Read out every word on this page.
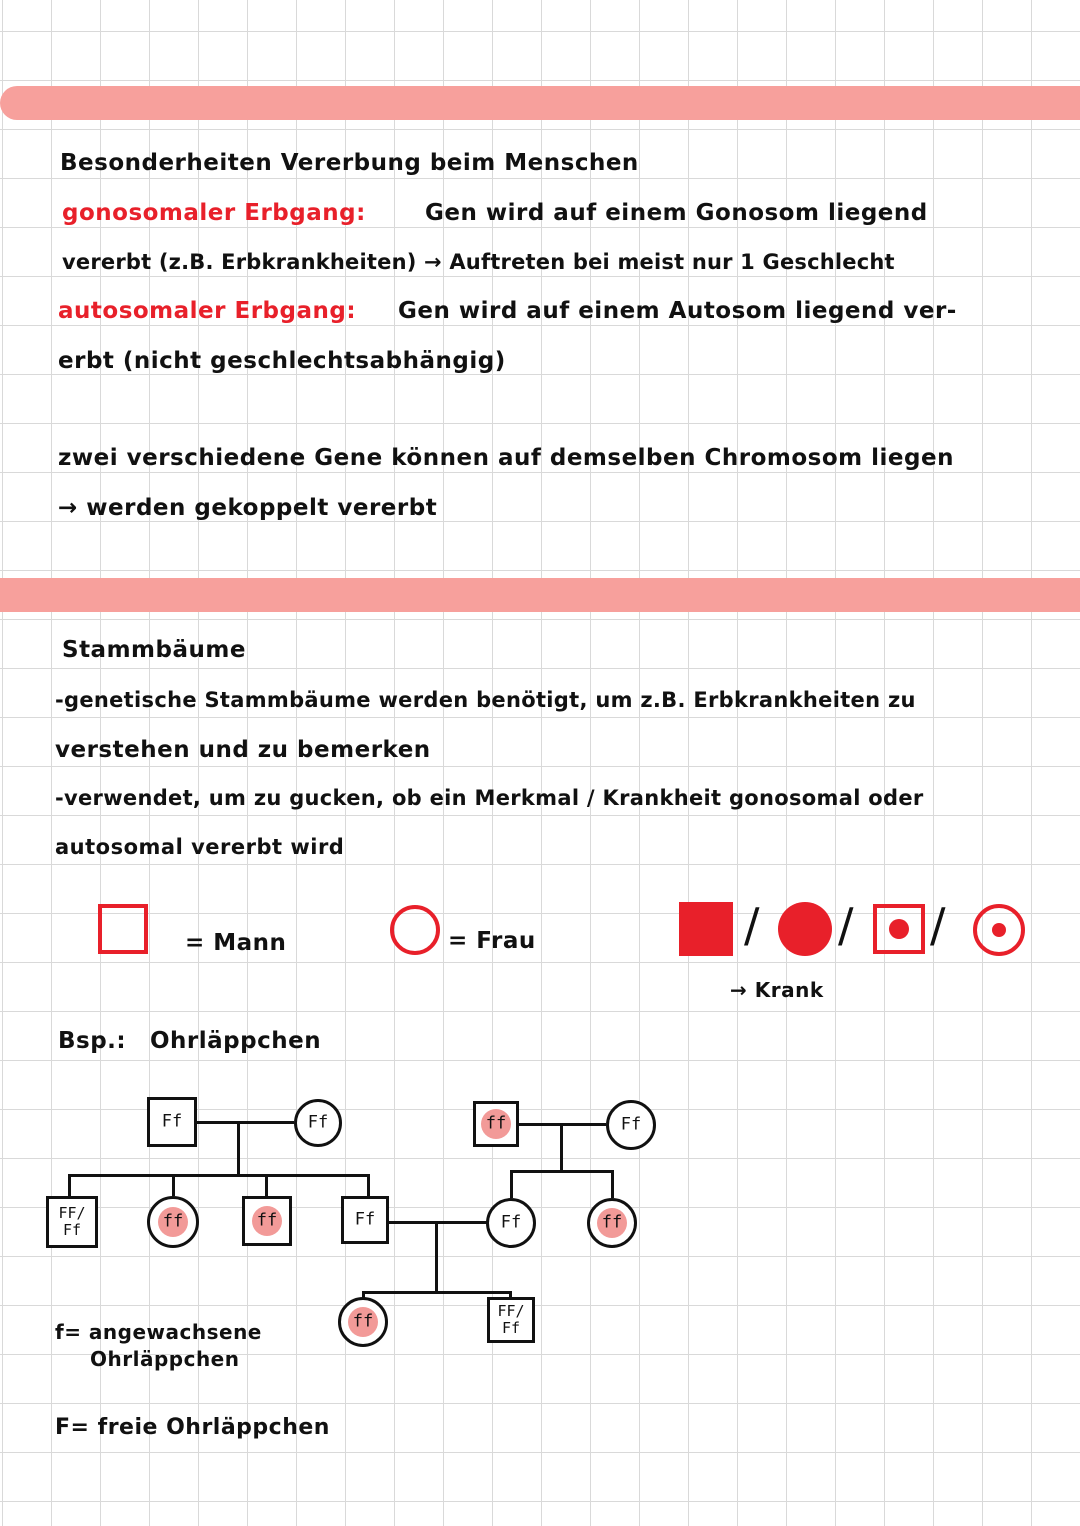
Besonderheiten Vererbung beim Menschen
gonosomaler Erbgang:	Gen wird auf einem Gonosom liegend
vererbt (z.B. Erbkrankheiten) → Auftreten bei meist nur 1 Geschlecht
autosomaler Erbgang: Gen wird auf einem Autosom liegend ver-
erbt (nicht geschlechtsabhängig)
zwei verschiedene Gene können auf demselben Chromosom liegen
→ werden gekoppelt vererbt
Stammbäume
-genetische Stammbäume werden benötigt, um z.B. Erbkrankheiten zu
verstehen und zu bemerken
-verwendet, um zu gucken, ob ein Merkmal / Krankheit gonosomal oder
autosomal vererbt wird
= Mann	= Frau	/ / /
→ Krank
Bsp.: Ohrläppchen
Ff	Ff	ff	Ff
FF/
Ff	ff	ff	Ff	Ff	ff
ff
FF/
Ff
f= angewachsene
Ohrläppchen
F= freie Ohrläppchen
